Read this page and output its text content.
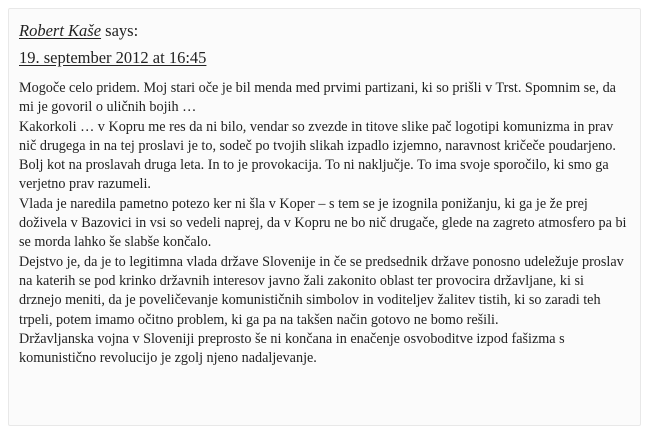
Robert Kaše says:
19. september 2012 at 16:45

Mogoče celo pridem. Moj stari oče je bil menda med prvimi partizani, ki so prišli v Trst. Spomnim se, da mi je govoril o uličnih bojih …

Kakorkoli … v Kopru me res da ni bilo, vendar so zvezde in titove slike pač logotipi komunizma in prav nič drugega in na tej proslavi je to, sodeč po tvojih slikah izpadlo izjemno, naravnost kričeče poudarjeno. Bolj kot na proslavah druga leta. In to je provokacija. To ni naključje. To ima svoje sporočilo, ki smo ga verjetno prav razumeli.

Vlada je naredila pametno potezo ker ni šla v Koper – s tem se je izognila ponižanju, ki ga je že prej doživela v Bazovici in vsi so vedeli naprej, da v Kopru ne bo nič drugače, glede na zagreto atmosfero pa bi se morda lahko še slabše končalo.

Dejstvo je, da je to legitimna vlada države Slovenije in če se predsednik države ponosno udeležuje proslav na katerih se pod krinko državnih interesov javno žali zakonito oblast ter provocira državljane, ki si drznejo meniti, da je poveličevanje komunističnih simbolov in voditeljev žalitev tistih, ki so zaradi teh trpeli, potem imamo očitno problem, ki ga pa na takšen način gotovo ne bomo rešili.

Državljanska vojna v Sloveniji preprosto še ni končana in enačenje osvoboditve izpod fašizma s komunistično revolucijo je zgolj njeno nadaljevanje.
